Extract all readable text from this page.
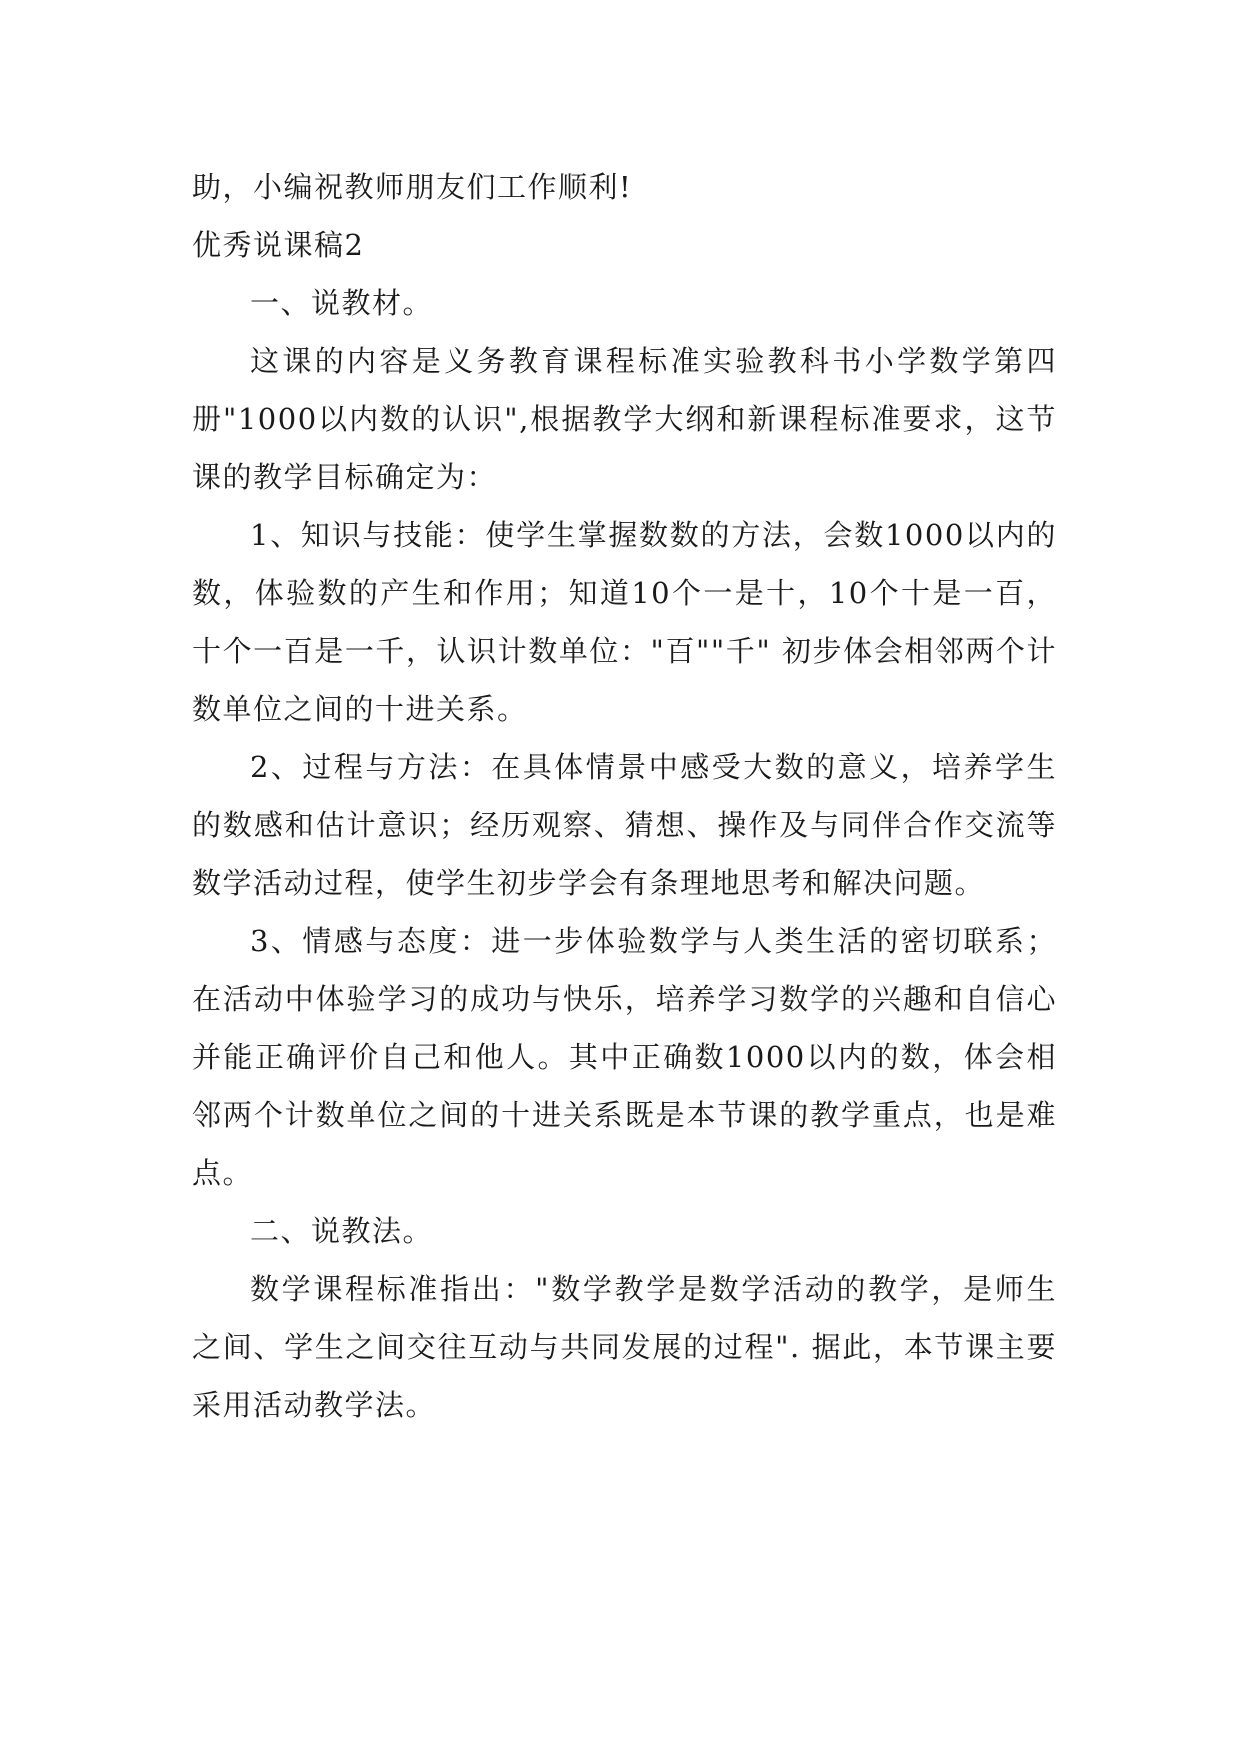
助，小编祝教师朋友们工作顺利!

优秀说课稿2

一、说教材。

这课的内容是义务教育课程标准实验教科书小学数学第四册"1000以内数的认识",根据教学大纲和新课程标准要求，这节课的教学目标确定为：

1、知识与技能：使学生掌握数数的方法，会数1000以内的数，体验数的产生和作用；知道10个一是十，10个十是一百，十个一百是一千，认识计数单位："百""千" 初步体会相邻两个计数单位之间的十进关系。

2、过程与方法：在具体情景中感受大数的意义，培养学生的数感和估计意识；经历观察、猜想、操作及与同伴合作交流等数学活动过程，使学生初步学会有条理地思考和解决问题。

3、情感与态度：进一步体验数学与人类生活的密切联系；在活动中体验学习的成功与快乐，培养学习数学的兴趣和自信心并能正确评价自己和他人。其中正确数1000以内的数，体会相邻两个计数单位之间的十进关系既是本节课的教学重点，也是难点。

二、说教法。

数学课程标准指出："数学教学是数学活动的教学，是师生之间、学生之间交往互动与共同发展的过程". 据此，本节课主要采用活动教学法。
